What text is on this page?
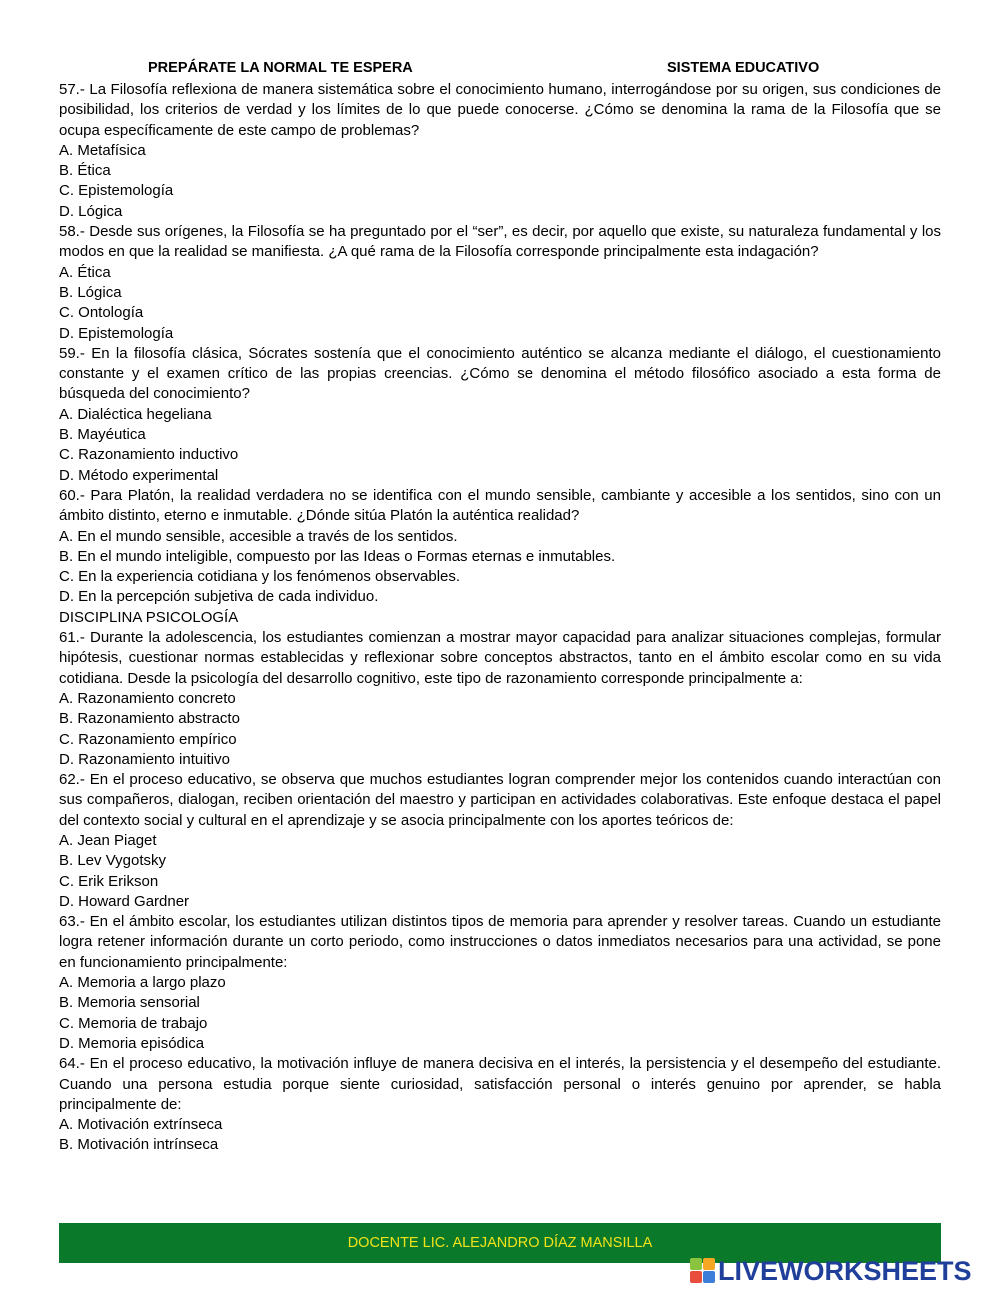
PREPÁRATE LA NORMAL TE ESPERA	SISTEMA EDUCATIVO
57.- La Filosofía reflexiona de manera sistemática sobre el conocimiento humano, interrogándose por su origen, sus condiciones de posibilidad, los criterios de verdad y los límites de lo que puede conocerse. ¿Cómo se denomina la rama de la Filosofía que se ocupa específicamente de este campo de problemas?
A. Metafísica
B. Ética
C. Epistemología
D. Lógica
58.- Desde sus orígenes, la Filosofía se ha preguntado por el “ser”, es decir, por aquello que existe, su naturaleza fundamental y los modos en que la realidad se manifiesta. ¿A qué rama de la Filosofía corresponde principalmente esta indagación?
A. Ética
B. Lógica
C. Ontología
D. Epistemología
59.- En la filosofía clásica, Sócrates sostenía que el conocimiento auténtico se alcanza mediante el diálogo, el cuestionamiento constante y el examen crítico de las propias creencias. ¿Cómo se denomina el método filosófico asociado a esta forma de búsqueda del conocimiento?
A. Dialéctica hegeliana
B. Mayéutica
C. Razonamiento inductivo
D. Método experimental
60.- Para Platón, la realidad verdadera no se identifica con el mundo sensible, cambiante y accesible a los sentidos, sino con un ámbito distinto, eterno e inmutable. ¿Dónde sitúa Platón la auténtica realidad?
A. En el mundo sensible, accesible a través de los sentidos.
B. En el mundo inteligible, compuesto por las Ideas o Formas eternas e inmutables.
C. En la experiencia cotidiana y los fenómenos observables.
D. En la percepción subjetiva de cada individuo.
DISCIPLINA PSICOLOGÍA
61.- Durante la adolescencia, los estudiantes comienzan a mostrar mayor capacidad para analizar situaciones complejas, formular hipótesis, cuestionar normas establecidas y reflexionar sobre conceptos abstractos, tanto en el ámbito escolar como en su vida cotidiana. Desde la psicología del desarrollo cognitivo, este tipo de razonamiento corresponde principalmente a:
A. Razonamiento concreto
B. Razonamiento abstracto
C. Razonamiento empírico
D. Razonamiento intuitivo
62.- En el proceso educativo, se observa que muchos estudiantes logran comprender mejor los contenidos cuando interactúan con sus compañeros, dialogan, reciben orientación del maestro y participan en actividades colaborativas. Este enfoque destaca el papel del contexto social y cultural en el aprendizaje y se asocia principalmente con los aportes teóricos de:
A. Jean Piaget
B. Lev Vygotsky
C. Erik Erikson
D. Howard Gardner
63.- En el ámbito escolar, los estudiantes utilizan distintos tipos de memoria para aprender y resolver tareas. Cuando un estudiante logra retener información durante un corto periodo, como instrucciones o datos inmediatos necesarios para una actividad, se pone en funcionamiento principalmente:
A. Memoria a largo plazo
B. Memoria sensorial
C. Memoria de trabajo
D. Memoria episódica
64.- En el proceso educativo, la motivación influye de manera decisiva en el interés, la persistencia y el desempeño del estudiante. Cuando una persona estudia porque siente curiosidad, satisfacción personal o interés genuino por aprender, se habla principalmente de:
A. Motivación extrínseca
B. Motivación intrínseca
DOCENTE LIC. ALEJANDRO DÍAZ MANSILLA
LIVEWORKSHEETS
